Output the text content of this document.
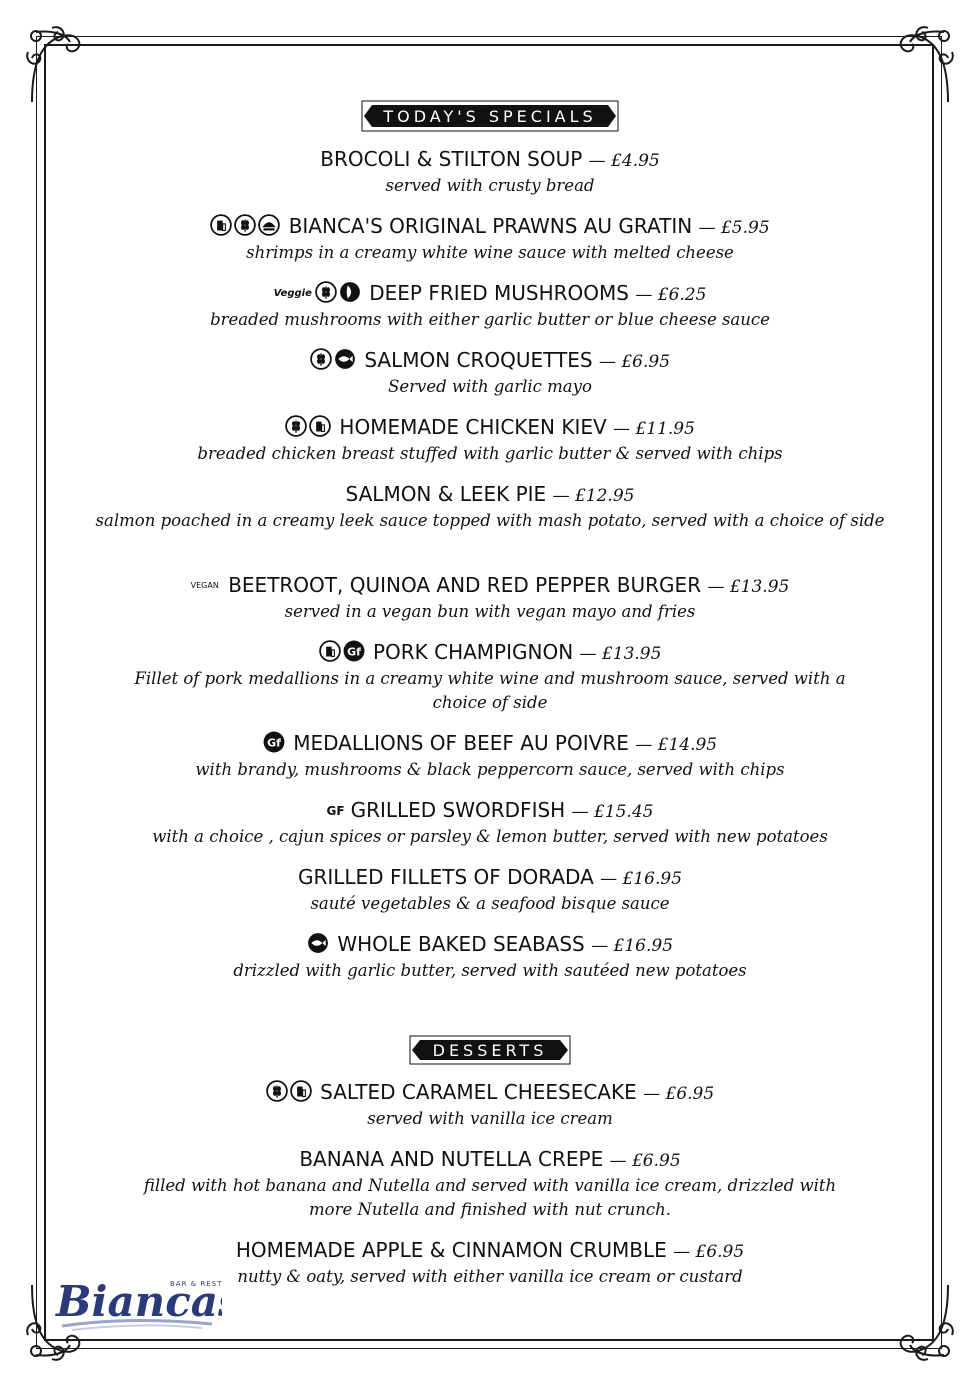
TODAY'S SPECIALS
BROCOLI & STILTON SOUP — £4.95
served with crusty bread
BIANCA'S ORIGINAL PRAWNS AU GRATIN — £5.95
shrimps in a creamy white wine sauce with melted cheese
Veggie	DEEP FRIED MUSHROOMS — £6.25
breaded mushrooms with either garlic butter or blue cheese sauce
SALMON CROQUETTES — £6.95
Served with garlic mayo
HOMEMADE CHICKEN KIEV — £11.95
breaded chicken breast stuffed with garlic butter & served with chips
SALMON & LEEK PIE — £12.95
salmon poached in a creamy leek sauce topped with mash potato, served with a choice of side
VEGAN BEETROOT, QUINOA AND RED PEPPER BURGER — £13.95
served in a vegan bun with vegan mayo and fries
PORK CHAMPIGNON — £13.95
Fillet of pork medallions in a creamy white wine and mushroom sauce, served with a choice of side
MEDALLIONS OF BEEF AU POIVRE — £14.95
with brandy, mushrooms & black peppercorn sauce, served with chips
GF GRILLED SWORDFISH — £15.45
with a choice , cajun spices or parsley & lemon butter, served with new potatoes
GRILLED FILLETS OF DORADA — £16.95
sauté vegetables & a seafood bisque sauce
WHOLE BAKED SEABASS — £16.95
drizzled with garlic butter, served with sautéed new potatoes
DESSERTS
SALTED CARAMEL CHEESECAKE — £6.95
served with vanilla ice cream
BANANA AND NUTELLA CREPE — £6.95
filled with hot banana and Nutella and served with vanilla ice cream, drizzled with more Nutella and finished with nut crunch.
HOMEMADE APPLE & CINNAMON CRUMBLE — £6.95
nutty & oaty, served with either vanilla ice cream or custard
BAR & REST
Bianca
